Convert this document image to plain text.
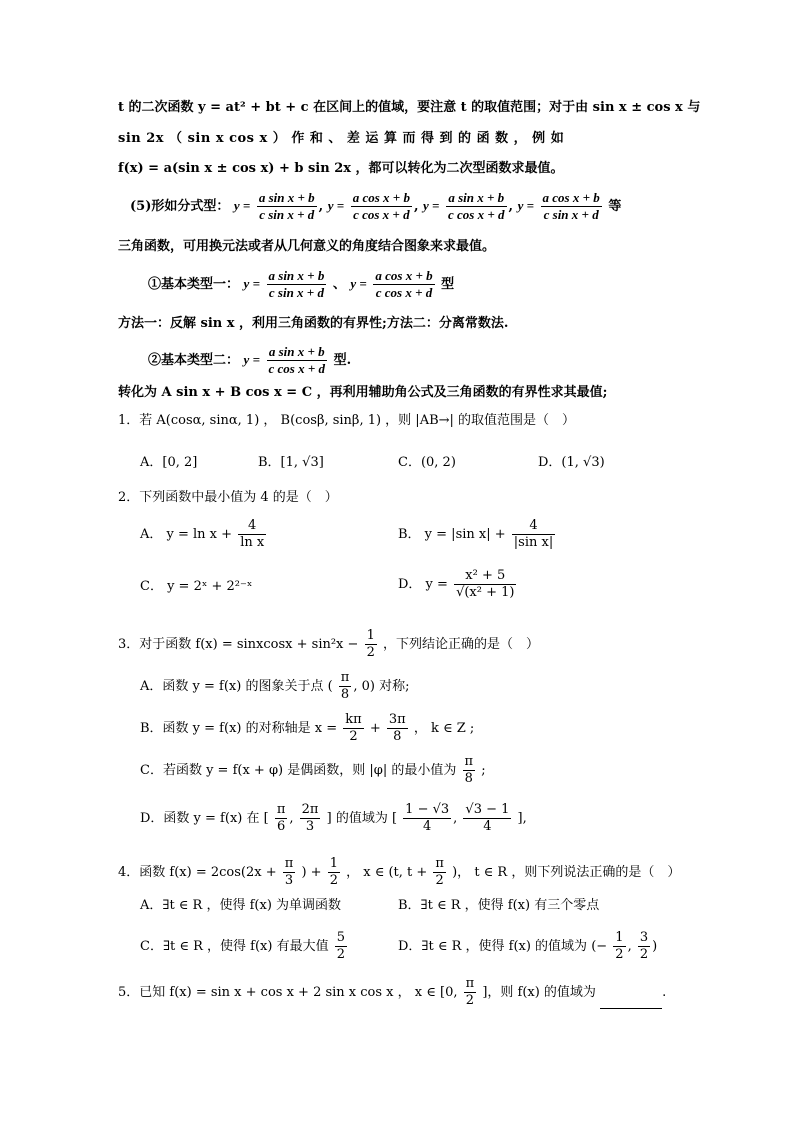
t 的二次函数 y = at² + bt + c 在区间上的值域，要注意 t 的取值范围；对于由 sin x ± cos x 与
sin 2x （ sin x cos x ） 作 和 、 差 运 算 而 得 到 的 函 数 ， 例 如
f(x) = a(sin x ± cos x) + b sin 2x ，都可以转化为二次型函数求最值。
(5)形如分式型： $y = \frac{\text{a sin x + b}}{\text{c sin x + d}}$ , $y = \frac{\text{a cos x + b}}{\text{c cos x + d}}$ , $y = \frac{\text{a sin x + b}}{\text{c cos x + d}}$ , $y = \frac{\text{a cos x + b}}{\text{c sin x + d}}$ 等
三角函数，可用换元法或者从几何意义的角度结合图象来求最值。
①基本类型一： $y = \frac{\text{a sin x + b}}{\text{c sin x + d}}$ 、 $y = \frac{\text{a cos x + b}}{\text{c cos x + d}}$ 型
方法一：反解 sin x ，利用三角函数的有界性;方法二：分离常数法.
②基本类型二： $y = \frac{\text{a sin x + b}}{\text{c cos x + d}}$ 型.
转化为 A sin x + B cos x = C ，再利用辅助角公式及三角函数的有界性求其最值;
1．若 A(cosα, sinα, 1) ， B(cosβ, sinβ, 1) ，则 |AB→| 的取值范围是（　）
A．[0, 2]	B．[1, √3]	C．(0, 2)	D．(1, √3)
2．下列函数中最小值为 4 的是（　）
A． $y = \ln x + \frac{4}{\text{ln x}}$	B． y = |sin $x| + \frac{4}{\text{|sin x|}}$
C． y = 2ˣ + 2²⁻ˣ	D． $y = \frac{\text{x² + 5}}{\text{√(x² + 1)}}$
3．对于函数 f(x) = sinxcosx + $\sin^2x - \frac{1}{2}$ ，下列结论正确的是（　）
A．函数 y = f(x) 的图象关于点 ( $\frac{\pi}{8}$ , 0) 对称;
B．函数 y = f(x) 的对称轴是 $x = \frac{k\pi}{2} + \frac{3\pi}{8}$ ， k ∈ Z ;
C．若函数 y = f(x + φ) 是偶函数，则 |φ| 的最小值为 $\frac{\pi}{8}$ ;
D．函数 y = f(x) 在 [ $\frac{\pi}{6}$ , $\frac{2\pi}{3}$ ] 的值域为 [ $\frac{1 - √3}{4}$ , $\frac{√3 - 1}{4}$ ],
4．函数 $f(x) = 2\cos(2x + \frac{\pi}{3}$ ) + $\frac{1}{2}$ ， x ∈ (t, $t + \frac{\pi}{2}$ )， t ∈ R ，则下列说法正确的是（　）
A．∃t ∈ R ，使得 f(x) 为单调函数	B．∃t ∈ R ，使得 f(x) 有三个零点
C．∃t ∈ R ，使得 f(x) 有最大值 $\frac{5}{2}$	D．∃t ∈ R ，使得 f(x) 的值域为 (− $\frac{1}{2}$ , $\frac{3}{2}$ )
5．已知 f(x) = sin x + cos x + 2 sin x cos x ， x ∈ [0, $\frac{\pi}{2}$ ]，则 f(x) 的值域为	.
